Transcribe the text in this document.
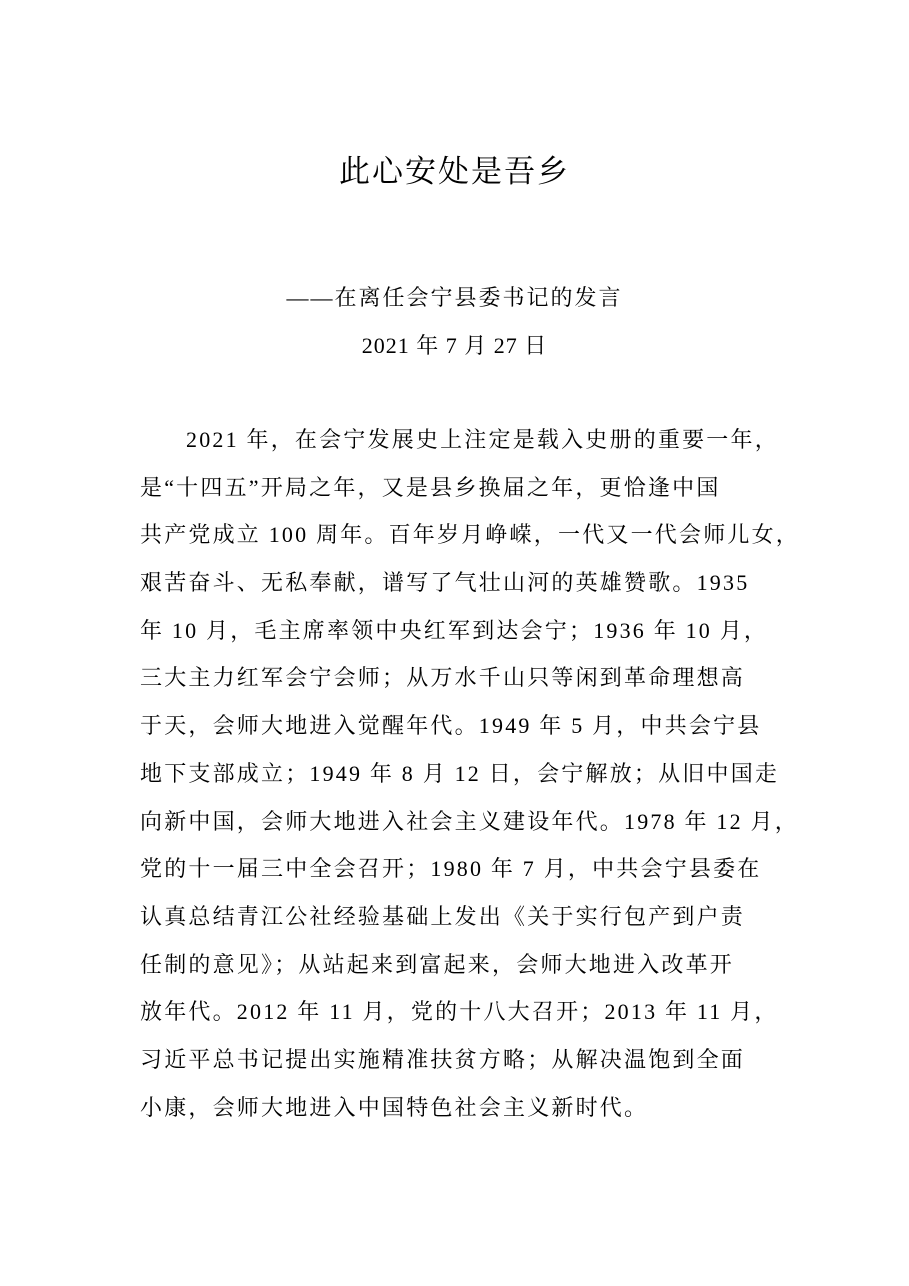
此心安处是吾乡
——在离任会宁县委书记的发言
2021 年 7 月 27 日
2021 年，在会宁发展史上注定是载入史册的重要一年，
是“十四五”开局之年，又是县乡换届之年，更恰逢中国
共产党成立 100 周年。百年岁月峥嵘，一代又一代会师儿女，
艰苦奋斗、无私奉献，谱写了气壮山河的英雄赞歌。1935
年 10 月，毛主席率领中央红军到达会宁；1936 年 10 月，
三大主力红军会宁会师；从万水千山只等闲到革命理想高
于天，会师大地进入觉醒年代。1949 年 5 月，中共会宁县
地下支部成立；1949 年 8 月 12 日，会宁解放；从旧中国走
向新中国，会师大地进入社会主义建设年代。1978 年 12 月，
党的十一届三中全会召开；1980 年 7 月，中共会宁县委在
认真总结青江公社经验基础上发出《关于实行包产到户责
任制的意见》；从站起来到富起来，会师大地进入改革开
放年代。2012 年 11 月，党的十八大召开；2013 年 11 月，
习近平总书记提出实施精准扶贫方略；从解决温饱到全面
小康，会师大地进入中国特色社会主义新时代。
